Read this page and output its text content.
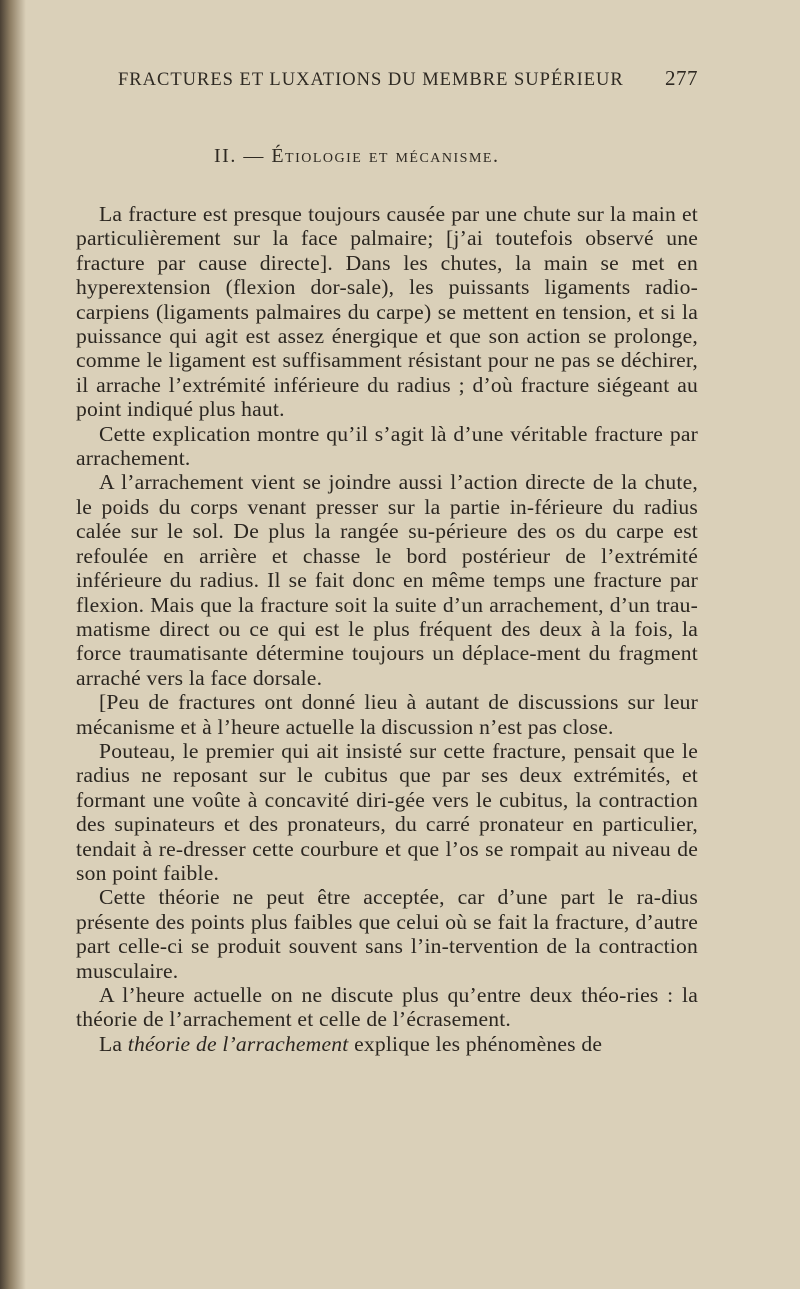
FRACTURES ET LUXATIONS DU MEMBRE SUPÉRIEUR 277
II. — Étiologie et mécanisme.

La fracture est presque toujours causée par une chute sur la main et particulièrement sur la face palmaire; [j’ai toutefois observé une fracture par cause directe]. Dans les chutes, la main se met en hyperextension (flexion dor-sale), les puissants ligaments radio-carpiens (ligaments palmaires du carpe) se mettent en tension, et si la puissance qui agit est assez énergique et que son action se prolonge, comme le ligament est suffisamment résistant pour ne pas se déchirer, il arrache l’extrémité inférieure du radius ; d’où fracture siégeant au point indiqué plus haut.

Cette explication montre qu’il s’agit là d’une véritable fracture par arrachement.

A l’arrachement vient se joindre aussi l’action directe de la chute, le poids du corps venant presser sur la partie in-férieure du radius calée sur le sol. De plus la rangée su-périeure des os du carpe est refoulée en arrière et chasse le bord postérieur de l’extrémité inférieure du radius. Il se fait donc en même temps une fracture par flexion. Mais que la fracture soit la suite d’un arrachement, d’un trau-matisme direct ou ce qui est le plus fréquent des deux à la fois, la force traumatisante détermine toujours un déplace-ment du fragment arraché vers la face dorsale.

[Peu de fractures ont donné lieu à autant de discussions sur leur mécanisme et à l’heure actuelle la discussion n’est pas close.

Pouteau, le premier qui ait insisté sur cette fracture, pensait que le radius ne reposant sur le cubitus que par ses deux extrémités, et formant une voûte à concavité diri-gée vers le cubitus, la contraction des supinateurs et des pronateurs, du carré pronateur en particulier, tendait à re-dresser cette courbure et que l’os se rompait au niveau de son point faible.

Cette théorie ne peut être acceptée, car d’une part le ra-dius présente des points plus faibles que celui où se fait la fracture, d’autre part celle-ci se produit souvent sans l’in-tervention de la contraction musculaire.

A l’heure actuelle on ne discute plus qu’entre deux théo-ries : la théorie de l’arrachement et celle de l’écrasement.

La théorie de l’arrachement explique les phénomènes de
